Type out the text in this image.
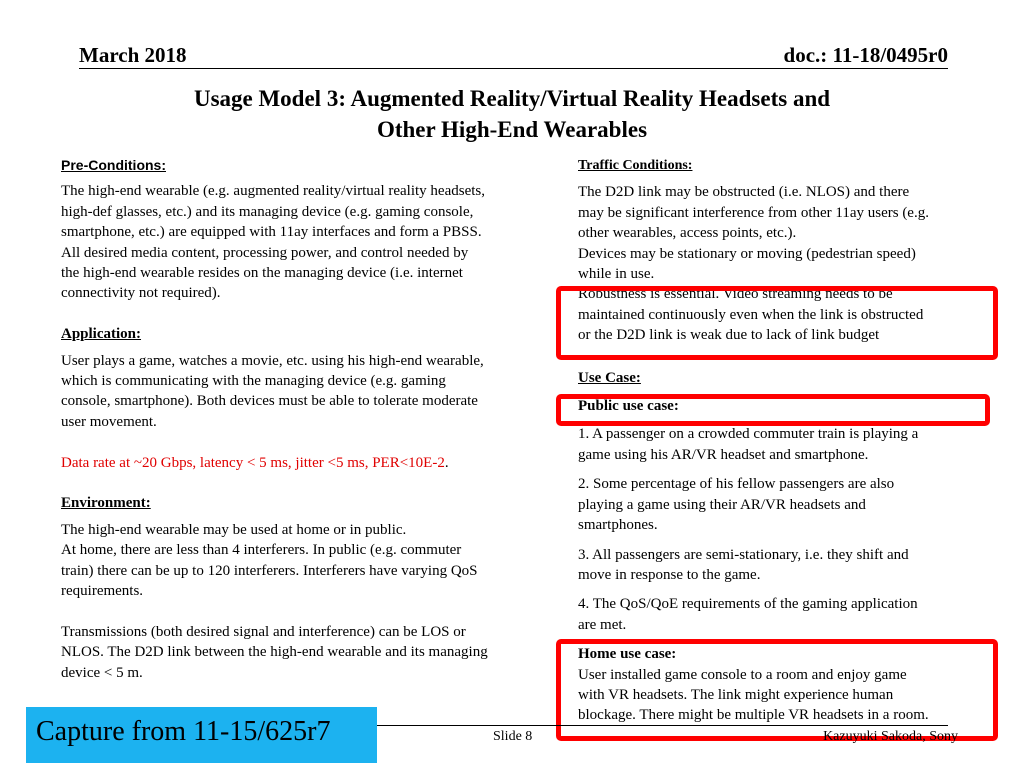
March 2018	doc.: 11-18/0495r0
Usage Model 3: Augmented Reality/Virtual Reality Headsets and
Other High-End Wearables

Pre-Conditions:

The high-end wearable (e.g. augmented reality/virtual reality headsets,

high-def glasses, etc.) and its managing device (e.g. gaming console,

smartphone, etc.) are equipped with 11ay interfaces and form a PBSS.

All desired media content, processing power, and control needed by

the high-end wearable resides on the managing device (i.e. internet

connectivity not required).

Application:

User plays a game, watches a movie, etc. using his high-end wearable,

which is communicating with the managing device (e.g. gaming

console, smartphone). Both devices must be able to tolerate moderate

user movement.

Data rate at ~20 Gbps, latency < 5 ms, jitter <5 ms, PER<10E-2.

Environment:

The high-end wearable may be used at home or in public.

At home, there are less than 4 interferers. In public (e.g. commuter

train) there can be up to 120 interferers. Interferers have varying QoS

requirements.

Transmissions (both desired signal and interference) can be LOS or

NLOS. The D2D link between the high-end wearable and its managing

device < 5 m.

Traffic Conditions:

The D2D link may be obstructed (i.e. NLOS) and there

may be significant interference from other 11ay users (e.g.

other wearables, access points, etc.).

Devices may be stationary or moving (pedestrian speed)

while in use.

Robustness is essential. Video streaming needs to be

maintained continuously even when the link is obstructed

or the D2D link is weak due to lack of link budget

Use Case:

Public use case:

1. A passenger on a crowded commuter train is playing a

game using his AR/VR headset and smartphone.

2. Some percentage of his fellow passengers are also

playing a game using their AR/VR headsets and

smartphones.

3. All passengers are semi-stationary, i.e. they shift and

move in response to the game.

4. The QoS/QoE requirements of the gaming application

are met.

Home use case:

User installed game console to a room and enjoy game

with VR headsets. The link might experience human

blockage. There might be multiple VR headsets in a room.

Capture from 11-15/625r7	Slide 8	Kazuyuki Sakoda, Sony
